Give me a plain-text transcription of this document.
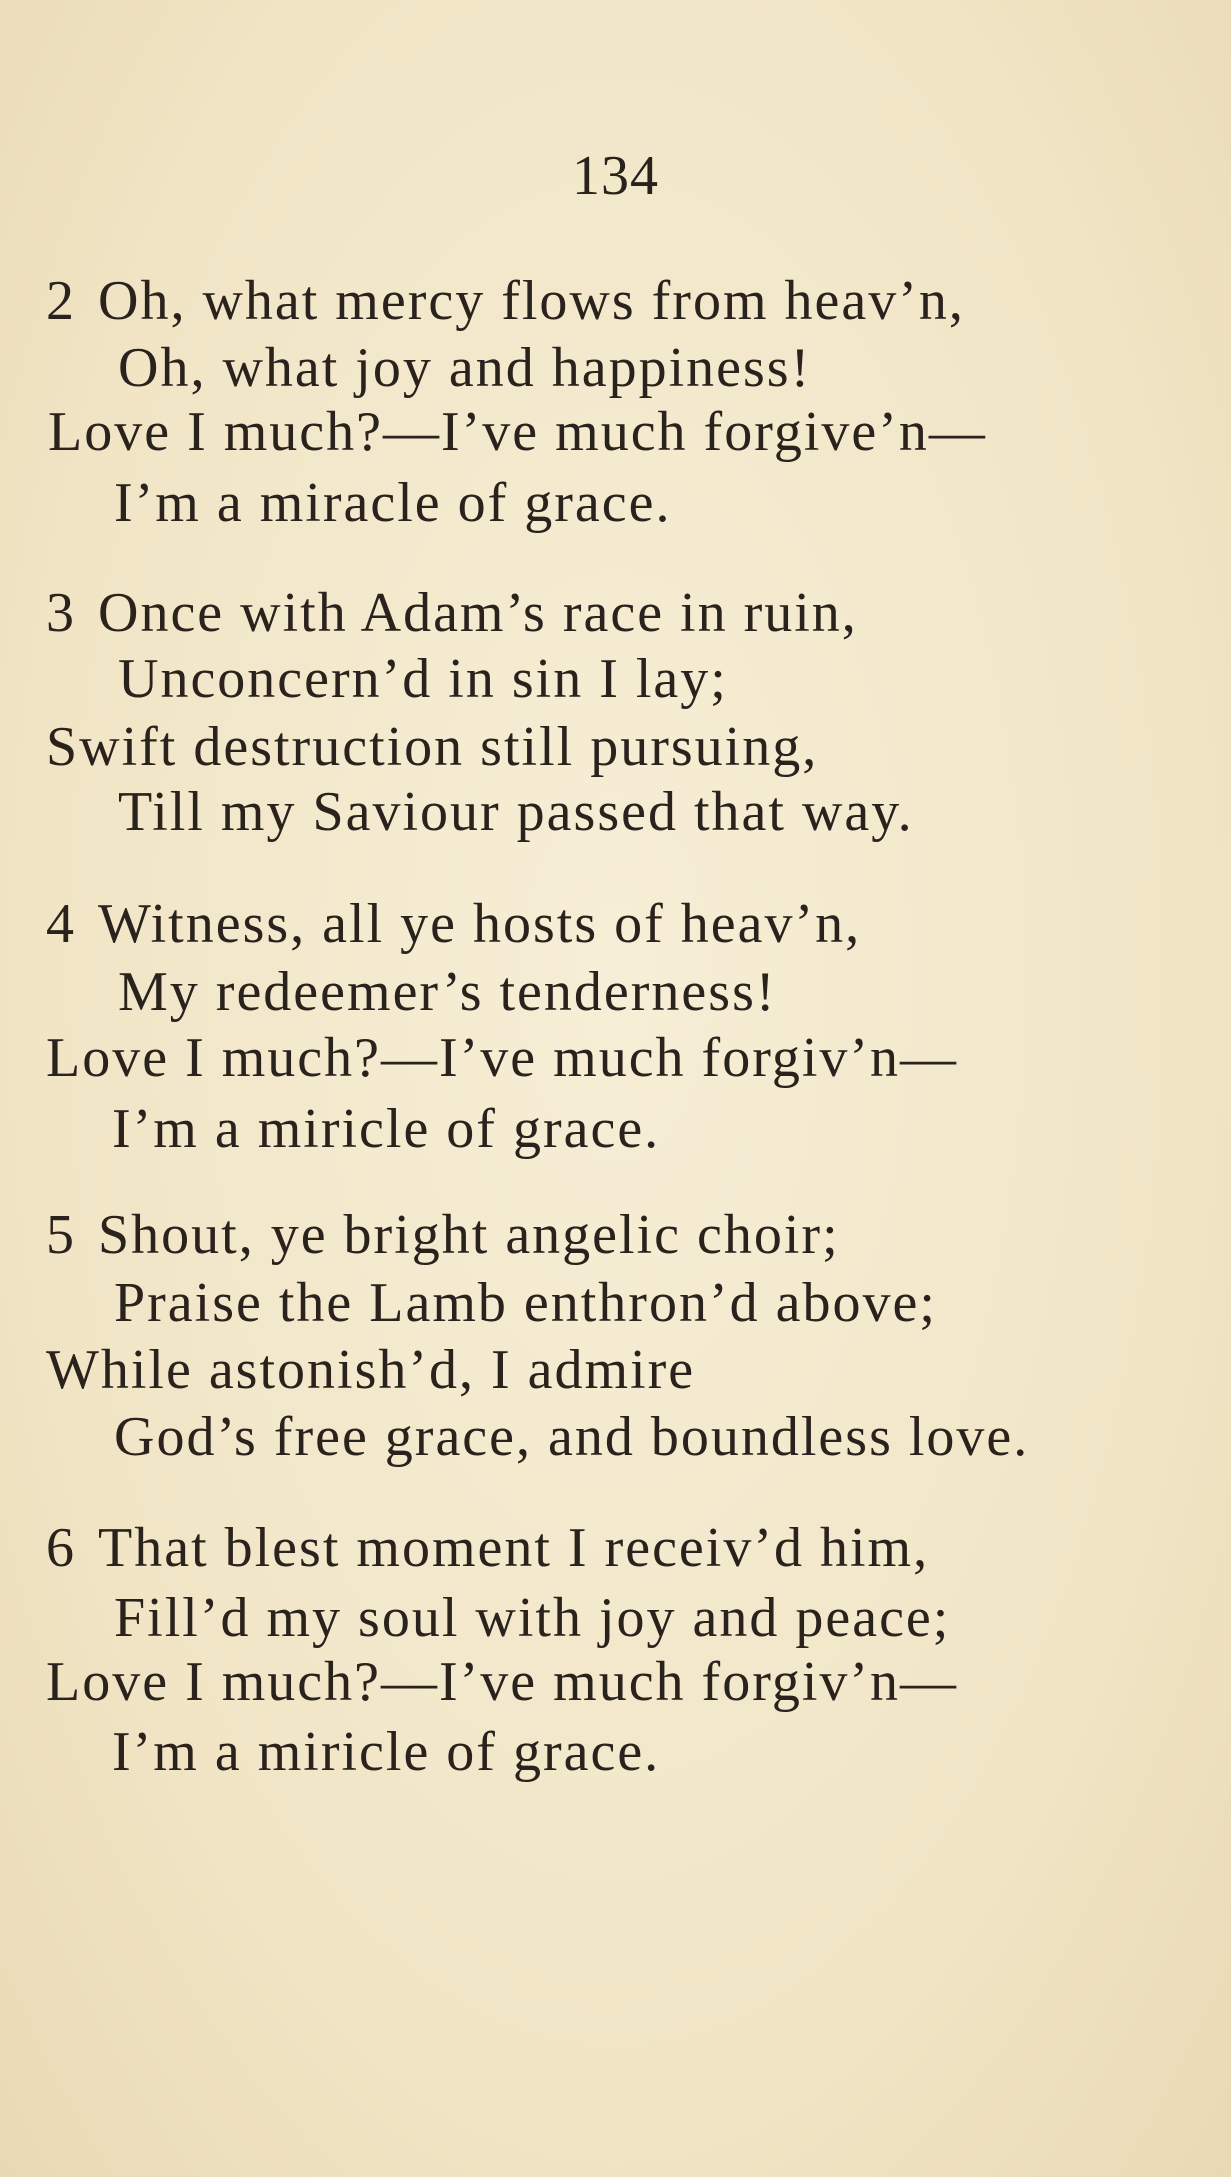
134
2 Oh, what mercy flows from heav’n,
Oh, what joy and happiness!
Love I much?—I’ve much forgive’n—
I’m a miracle of grace.
3 Once with Adam’s race in ruin,
Unconcern’d in sin I lay;
Swift destruction still pursuing,
Till my Saviour passed that way.
4 Witness, all ye hosts of heav’n,
My redeemer’s tenderness!
Love I much?—I’ve much forgiv’n—
I’m a miricle of grace.
5 Shout, ye bright angelic choir;
Praise the Lamb enthron’d above;
While astonish’d, I admire
God’s free grace, and boundless love.
6 That blest moment I receiv’d him,
Fill’d my soul with joy and peace;
Love I much?—I’ve much forgiv’n—
I’m a miricle of grace.
